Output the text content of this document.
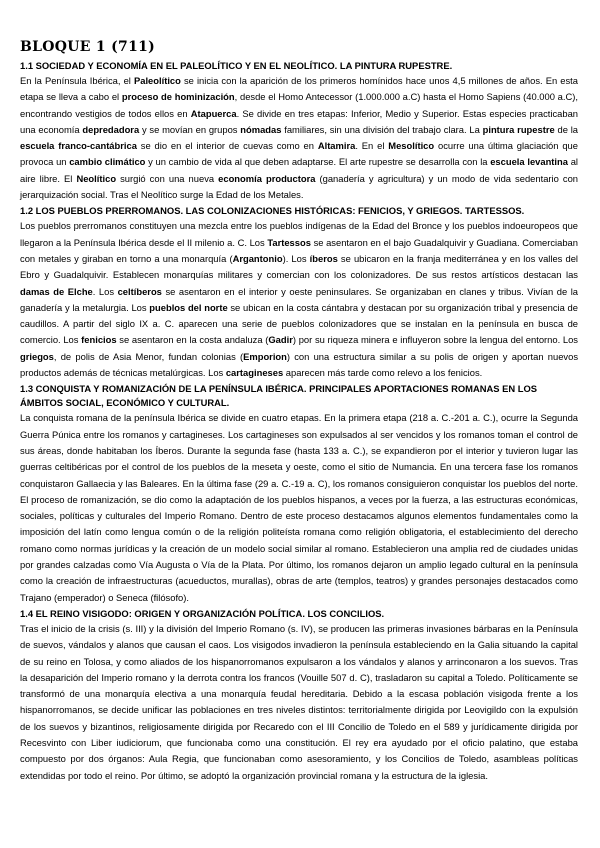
BLOQUE 1 (711)
1.1 SOCIEDAD Y ECONOMÍA EN EL PALEOLÍTICO Y EN EL NEOLÍTICO. LA PINTURA RUPESTRE.

En la Península Ibérica, el Paleolítico se inicia con la aparición de los primeros homínidos hace unos 4,5 millones de años. En esta etapa se lleva a cabo el proceso de hominización, desde el Homo Antecessor (1.000.000 a.C) hasta el Homo Sapiens (40.000 a.C), encontrando vestigios de todos ellos en Atapuerca. Se divide en tres etapas: Inferior, Medio y Superior. Estas especies practicaban una economía depredadora y se movían en grupos nómadas familiares, sin una división del trabajo clara. La pintura rupestre de la escuela franco-cantábrica se dio en el interior de cuevas como en Altamira. En el Mesolítico ocurre una última glaciación que provoca un cambio climático y un cambio de vida al que deben adaptarse. El arte rupestre se desarrolla con la escuela levantina al aire libre. El Neolítico surgió con una nueva economía productora (ganadería y agricultura) y un modo de vida sedentario con jerarquización social. Tras el Neolítico surge la Edad de los Metales.

1.2 LOS PUEBLOS PRERROMANOS. LAS COLONIZACIONES HISTÓRICAS: FENICIOS, Y GRIEGOS. TARTESSOS.

Los pueblos prerromanos constituyen una mezcla entre los pueblos indígenas de la Edad del Bronce y los pueblos indoeuropeos que llegaron a la Península Ibérica desde el II milenio a. C. Los Tartessos se asentaron en el bajo Guadalquivir y Guadiana. Comerciaban con metales y giraban en torno a una monarquía (Argantonio). Los íberos se ubicaron en la franja mediterránea y en los valles del Ebro y Guadalquivir. Establecen monarquías militares y comercian con los colonizadores. De sus restos artísticos destacan las damas de Elche. Los celtíberos se asentaron en el interior y oeste peninsulares. Se organizaban en clanes y tribus. Vivían de la ganadería y la metalurgia. Los pueblos del norte se ubican en la costa cántabra y destacan por su organización tribal y presencia de caudillos. A partir del siglo IX a. C. aparecen una serie de pueblos colonizadores que se instalan en la península en busca de comercio. Los fenicios se asentaron en la costa andaluza (Gadir) por su riqueza minera e influyeron sobre la lengua del entorno. Los griegos, de polis de Asia Menor, fundan colonias (Emporion) con una estructura similar a su polis de origen y aportan nuevos productos además de técnicas metalúrgicas. Los cartagineses aparecen más tarde como relevo a los fenicios.

1.3 CONQUISTA Y ROMANIZACIÓN DE LA PENÍNSULA IBÉRICA. PRINCIPALES APORTACIONES ROMANAS EN LOS ÁMBITOS SOCIAL, ECONÓMICO Y CULTURAL.

La conquista romana de la península Ibérica se divide en cuatro etapas. En la primera etapa (218 a. C.-201 a. C.), ocurre la Segunda Guerra Púnica entre los romanos y cartagineses. Los cartagineses son expulsados al ser vencidos y los romanos toman el control de sus áreas, donde habitaban los Íberos. Durante la segunda fase (hasta 133 a. C.), se expandieron por el interior y tuvieron lugar las guerras celtibéricas por el control de los pueblos de la meseta y oeste, como el sitio de Numancia. En una tercera fase los romanos conquistaron Gallaecia y las Baleares. En la última fase (29 a. C.-19 a. C), los romanos consiguieron conquistar los pueblos del norte. El proceso de romanización, se dio como la adaptación de los pueblos hispanos, a veces por la fuerza, a las estructuras económicas, sociales, políticas y culturales del Imperio Romano. Dentro de este proceso destacamos algunos elementos fundamentales como la imposición del latín como lengua común o de la religión politeísta romana como religión obligatoria, el establecimiento del derecho romano como normas jurídicas y la creación de un modelo social similar al romano. Establecieron una amplia red de ciudades unidas por grandes calzadas como Vía Augusta o Vía de la Plata. Por último, los romanos dejaron un amplio legado cultural en la península como la creación de infraestructuras (acueductos, murallas), obras de arte (templos, teatros) y grandes personajes destacados como Trajano (emperador) o Seneca (filósofo).

1.4 EL REINO VISIGODO: ORIGEN Y ORGANIZACIÓN POLÍTICA. LOS CONCILIOS.

Tras el inicio de la crisis (s. III) y la división del Imperio Romano (s. IV), se producen las primeras invasiones bárbaras en la Península de suevos, vándalos y alanos que causan el caos. Los visigodos invadieron la península estableciendo en la Galia situando la capital de su reino en Tolosa, y como aliados de los hispanorromanos expulsaron a los vándalos y alanos y arrinconaron a los suevos. Tras la desaparición del Imperio romano y la derrota contra los francos (Vouille 507 d. C), trasladaron su capital a Toledo. Políticamente se transformó de una monarquía electiva a una monarquía feudal hereditaria. Debido a la escasa población visigoda frente a los hispanorromanos, se decide unificar las poblaciones en tres niveles distintos: territorialmente dirigida por Leovigildo con la expulsión de los suevos y bizantinos, religiosamente dirigida por Recaredo con el III Concilio de Toledo en el 589 y jurídicamente dirigida por Recesvinto con Liber iudiciorum, que funcionaba como una constitución. El rey era ayudado por el oficio palatino, que estaba compuesto por dos órganos: Aula Regia, que funcionaban como asesoramiento, y los Concilios de Toledo, asambleas políticas extendidas por todo el reino. Por último, se adoptó la organización provincial romana y la estructura de la iglesia.
